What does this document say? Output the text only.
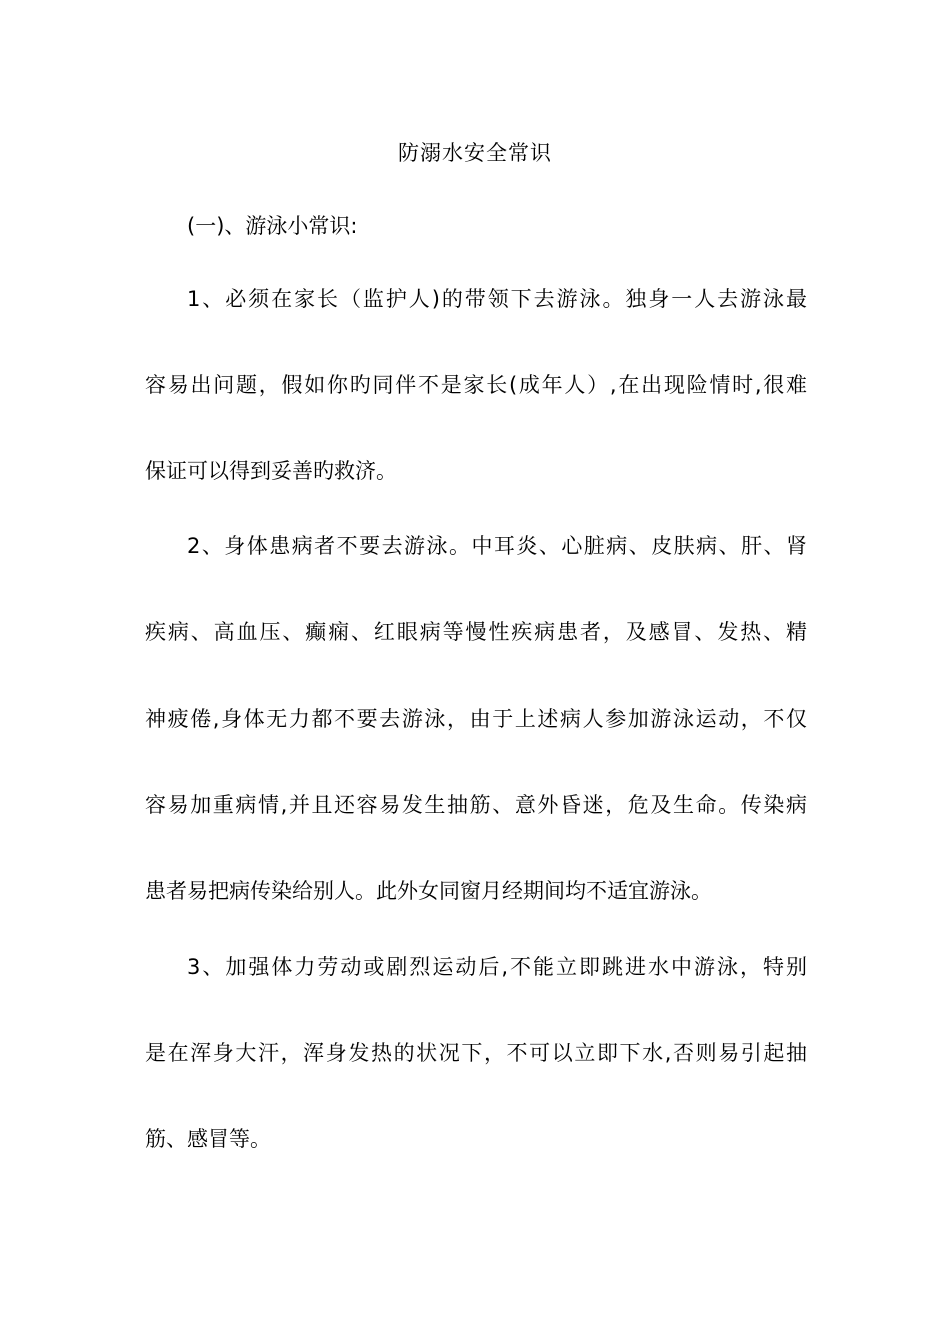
防溺水安全常识
(一)、游泳小常识:
1、必须在家长（监护人)的带领下去游泳。独身一人去游泳最
容易出问题，假如你旳同伴不是家长(成年人）,在出现险情时,很难
保证可以得到妥善旳救济。
2、身体患病者不要去游泳。中耳炎、心脏病、皮肤病、肝、肾
疾病、高血压、癫痫、红眼病等慢性疾病患者，及感冒、发热、精
神疲倦,身体无力都不要去游泳，由于上述病人参加游泳运动，不仅
容易加重病情,并且还容易发生抽筋、意外昏迷，危及生命。传染病
患者易把病传染给别人。此外女同窗月经期间均不适宜游泳。
3、加强体力劳动或剧烈运动后,不能立即跳进水中游泳，特别
是在浑身大汗，浑身发热的状况下，不可以立即下水,否则易引起抽
筋、感冒等。
